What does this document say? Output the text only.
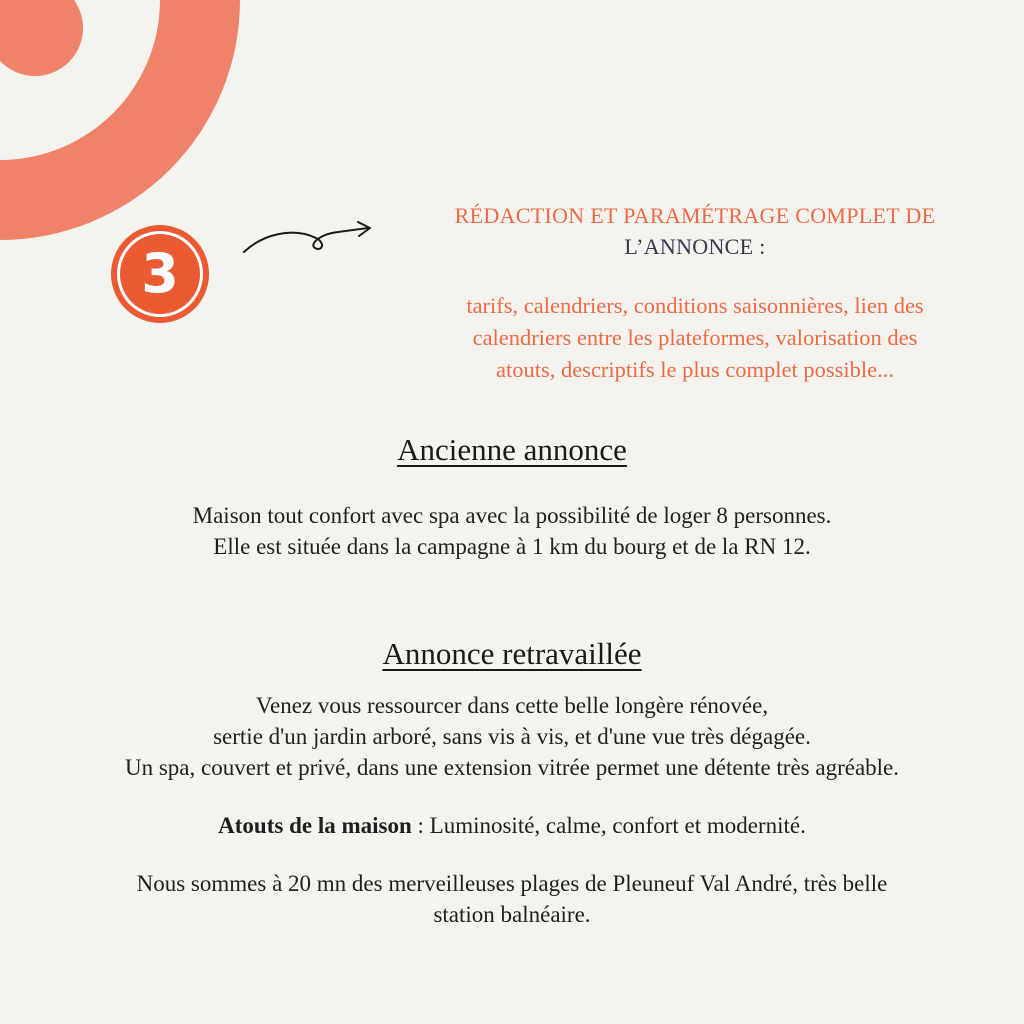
3
RÉDACTION ET PARAMÉTRAGE COMPLET DE
L’ANNONCE :
tarifs, calendriers, conditions saisonnières, lien des
calendriers entre les plateformes, valorisation des
atouts, descriptifs le plus complet possible...
Ancienne annonce
Maison tout confort avec spa avec la possibilité de loger 8 personnes.
Elle est située dans la campagne à 1 km du bourg et de la RN 12.
Annonce retravaillée
Venez vous ressourcer dans cette belle longère rénovée,
sertie d'un jardin arboré, sans vis à vis, et d'une vue très dégagée.
Un spa, couvert et privé, dans une extension vitrée permet une détente très agréable.
Atouts de la maison : Luminosité, calme, confort et modernité.
Nous sommes à 20 mn des merveilleuses plages de Pleuneuf Val André, très belle
station balnéaire.
